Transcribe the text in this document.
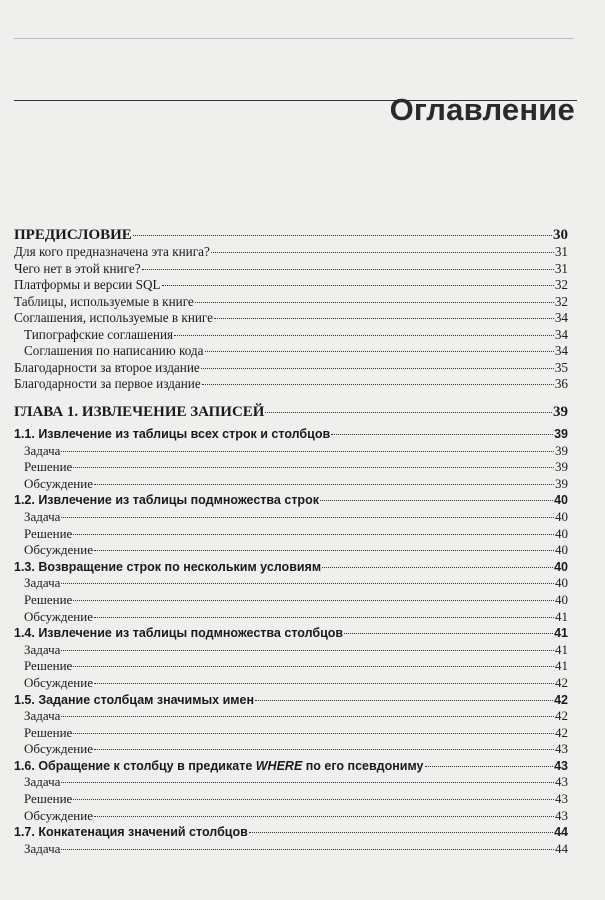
Оглавление
ПРЕДИСЛОВИЕ	30
Для кого предназначена эта книга?	31
Чего нет в этой книге?	31
Платформы и версии SQL	32
Таблицы, используемые в книге	32
Соглашения, используемые в книге	34
Типографские соглашения	34
Соглашения по написанию кода	34
Благодарности за второе издание	35
Благодарности за первое издание	36
ГЛАВА 1. ИЗВЛЕЧЕНИЕ ЗАПИСЕЙ	39
1.1. Извлечение из таблицы всех строк и столбцов	39
Задача	39
Решение	39
Обсуждение	39
1.2. Извлечение из таблицы подмножества строк	40
Задача	40
Решение	40
Обсуждение	40
1.3. Возвращение строк по нескольким условиям	40
Задача	40
Решение	40
Обсуждение	41
1.4. Извлечение из таблицы подмножества столбцов	41
Задача	41
Решение	41
Обсуждение	42
1.5. Задание столбцам значимых имен	42
Задача	42
Решение	42
Обсуждение	43
1.6. Обращение к столбцу в предикате WHERE по его псевдониму	43
Задача	43
Решение	43
Обсуждение	43
1.7. Конкатенация значений столбцов	44
Задача	44
